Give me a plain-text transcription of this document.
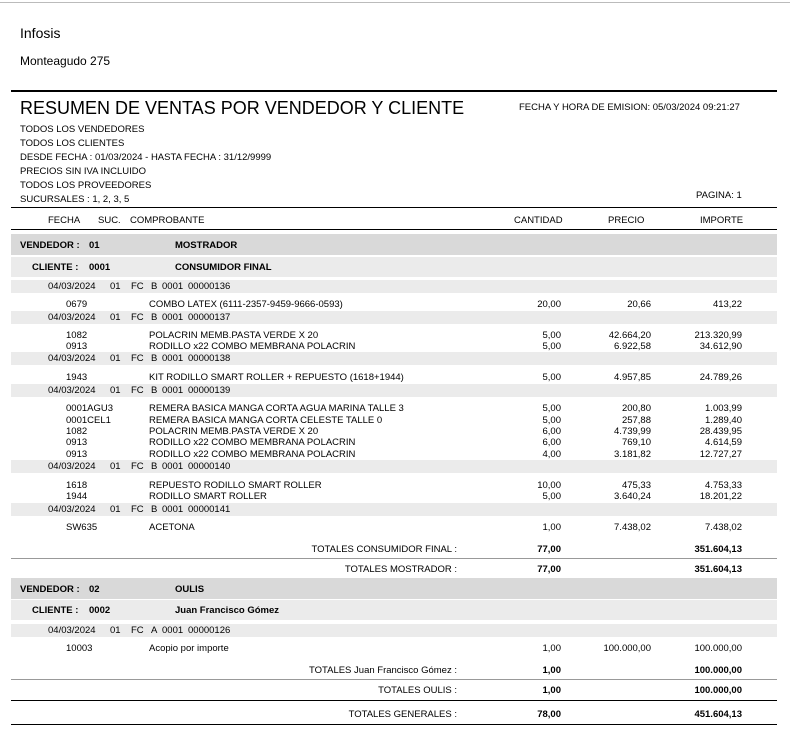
Infosis
Monteagudo 275
RESUMEN DE VENTAS POR VENDEDOR Y CLIENTE	FECHA Y HORA DE EMISION: 05/03/2024 09:21:27
TODOS LOS VENDEDORES
TODOS LOS CLIENTES
DESDE FECHA : 01/03/2024 - HASTA FECHA : 31/12/9999
PRECIOS SIN IVA INCLUIDO
TODOS LOS PROVEEDORES
SUCURSALES : 1, 2, 3, 5	PAGINA: 1
FECHA SUC. COMPROBANTE	CANTIDAD	PRECIO	IMPORTE
VENDEDOR : 01	MOSTRADOR
CLIENTE : 0001	CONSUMIDOR FINAL
04/03/2024 01 FC B 0001 00000136
0679	COMBO LATEX (6111-2357-9459-9666-0593)	20,00	20,66	413,22
04/03/2024 01 FC B 0001 00000137
1082	POLACRIN MEMB.PASTA VERDE X 20	5,00	42.664,20	213.320,99
0913	RODILLO x22 COMBO MEMBRANA POLACRIN	5,00	6.922,58	34.612,90
04/03/2024 01 FC B 0001 00000138
1943	KIT RODILLO SMART ROLLER + REPUESTO (1618+1944)	5,00	4.957,85	24.789,26
04/03/2024 01 FC B 0001 00000139
0001AGU3	REMERA BASICA MANGA CORTA AGUA MARINA TALLE 3	5,00	200,80	1.003,99
0001CEL1	REMERA BASICA MANGA CORTA CELESTE TALLE 0	5,00	257,88	1.289,40
1082	POLACRIN MEMB.PASTA VERDE X 20	6,00	4.739,99	28.439,95
0913	RODILLO x22 COMBO MEMBRANA POLACRIN	6,00	769,10	4.614,59
0913	RODILLO x22 COMBO MEMBRANA POLACRIN	4,00	3.181,82	12.727,27
04/03/2024 01 FC B 0001 00000140
1618	REPUESTO RODILLO SMART ROLLER	10,00	475,33	4.753,33
1944	RODILLO SMART ROLLER	5,00	3.640,24	18.201,22
04/03/2024 01 FC B 0001 00000141
SW635	ACETONA	1,00	7.438,02	7.438,02
TOTALES CONSUMIDOR FINAL :	77,00	351.604,13
TOTALES MOSTRADOR :	77,00	351.604,13
VENDEDOR : 02	OULIS
CLIENTE : 0002	Juan Francisco Gómez
04/03/2024 01 FC A 0001 00000126
10003	Acopio por importe	1,00	100.000,00	100.000,00
TOTALES Juan Francisco Gómez :	1,00	100.000,00
TOTALES OULIS :	1,00	100.000,00
TOTALES GENERALES :	78,00	451.604,13
